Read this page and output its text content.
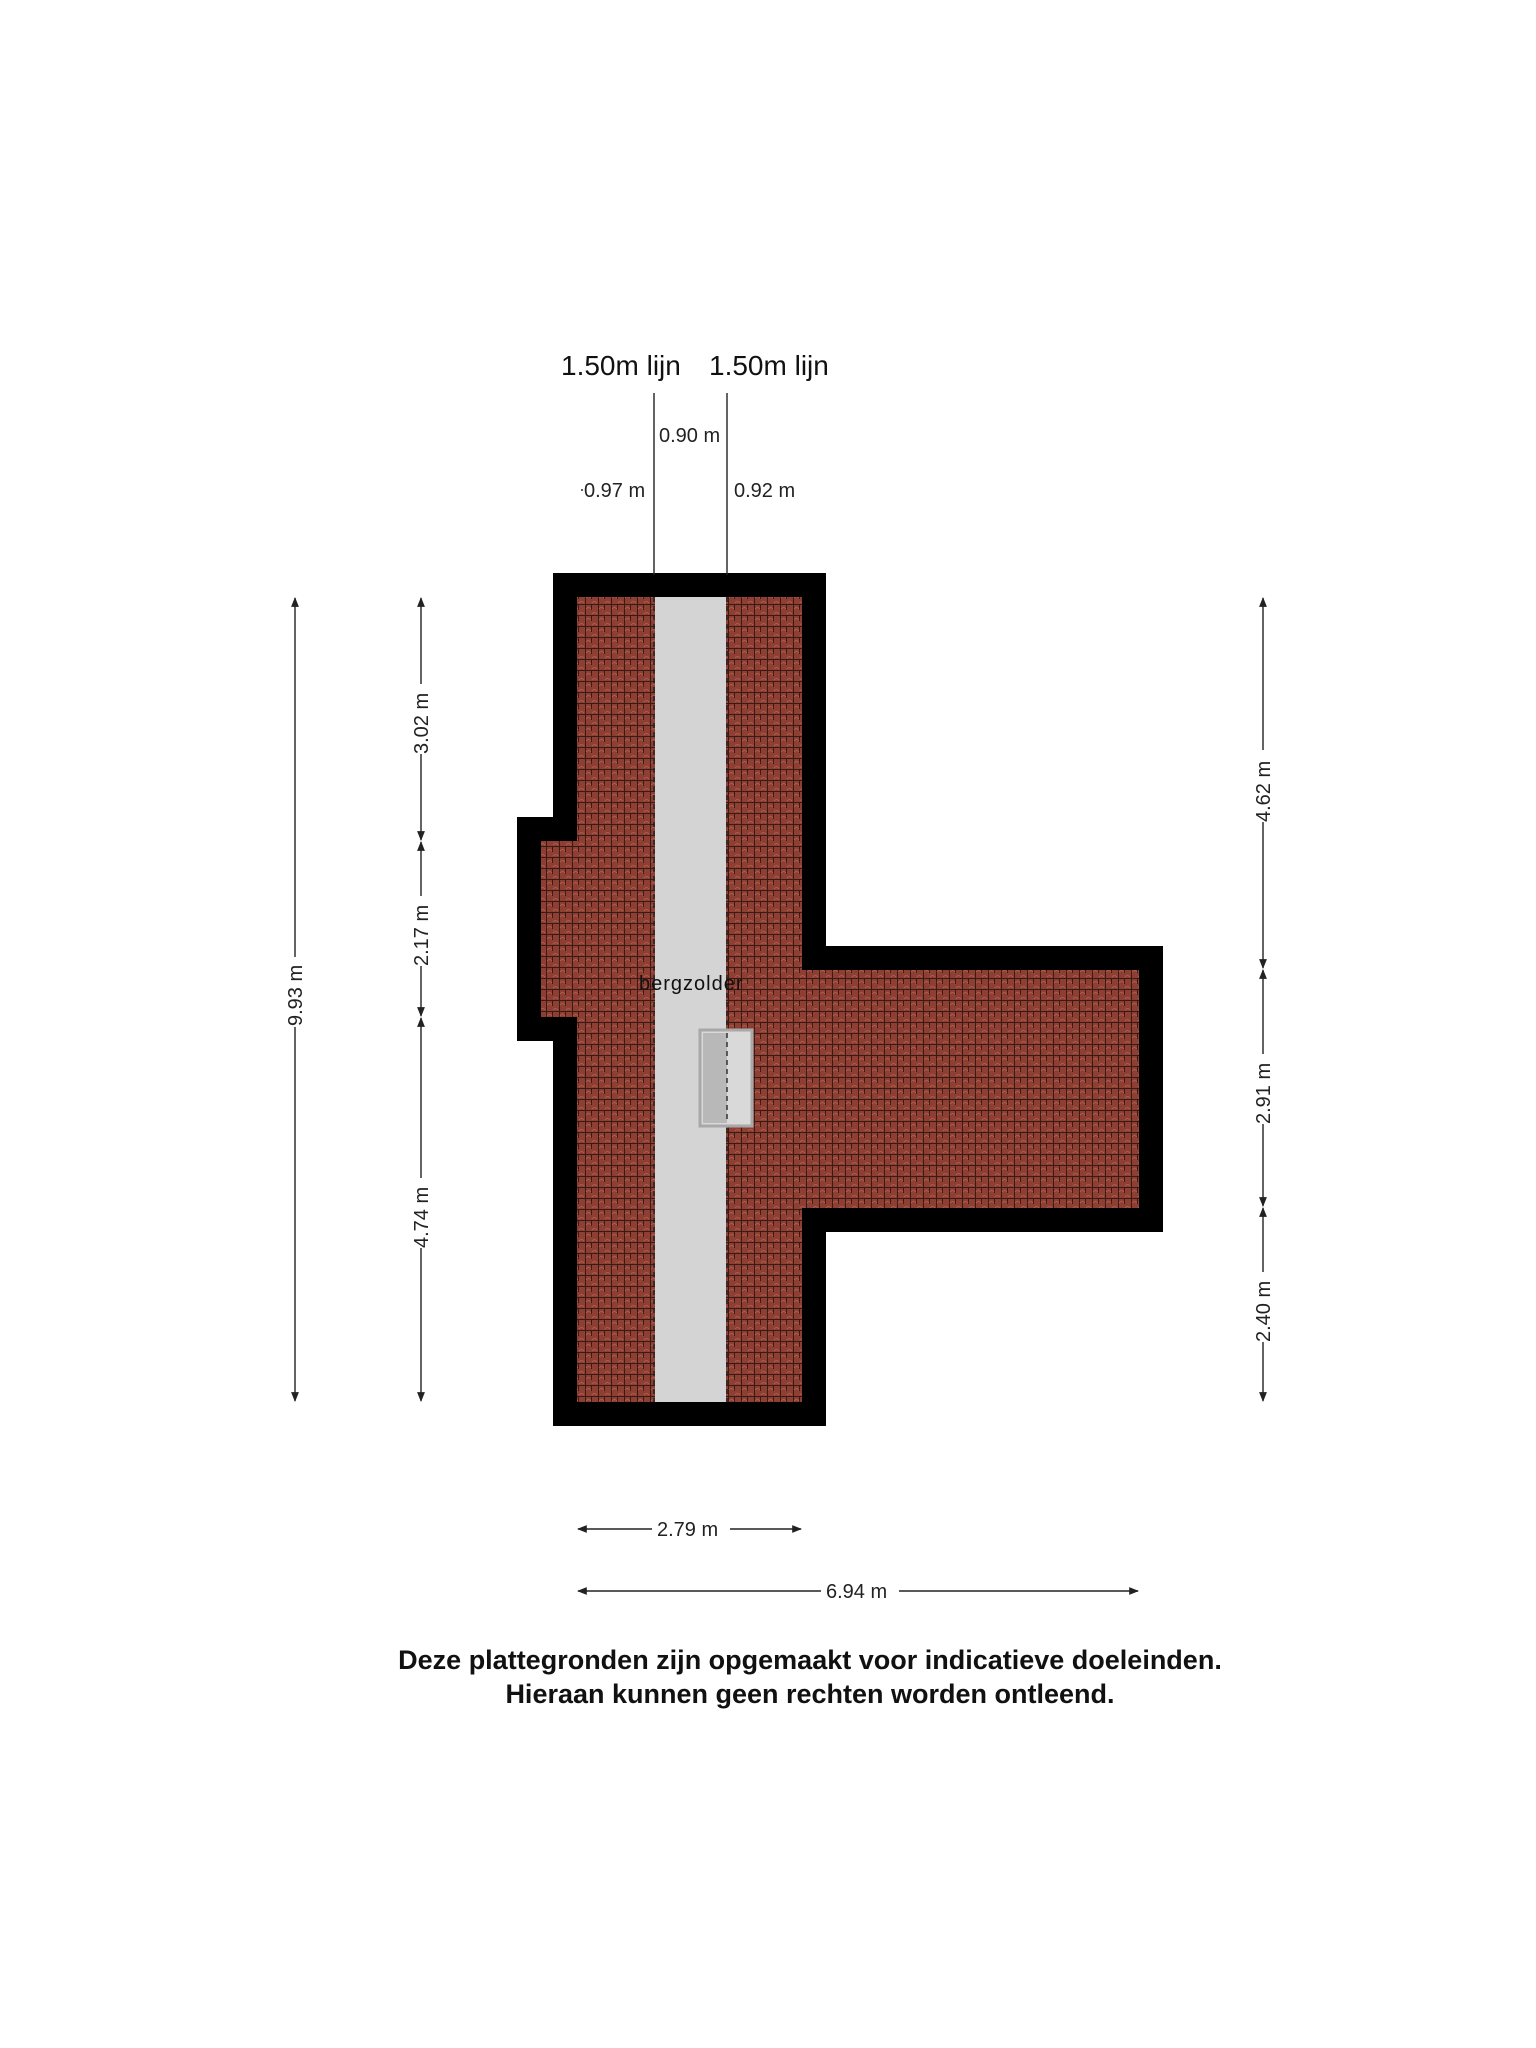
bergzolder
1.50m lijn 1.50m lijn
0.90 m
0.97 m	0.92 m
9.93 m
3.02 m
2.17 m
4.74 m
4.62 m
2.91 m
2.40 m
2.79 m
6.94 m
Deze plattegronden zijn opgemaakt voor indicatieve doeleinden.
Hieraan kunnen geen rechten worden ontleend.
